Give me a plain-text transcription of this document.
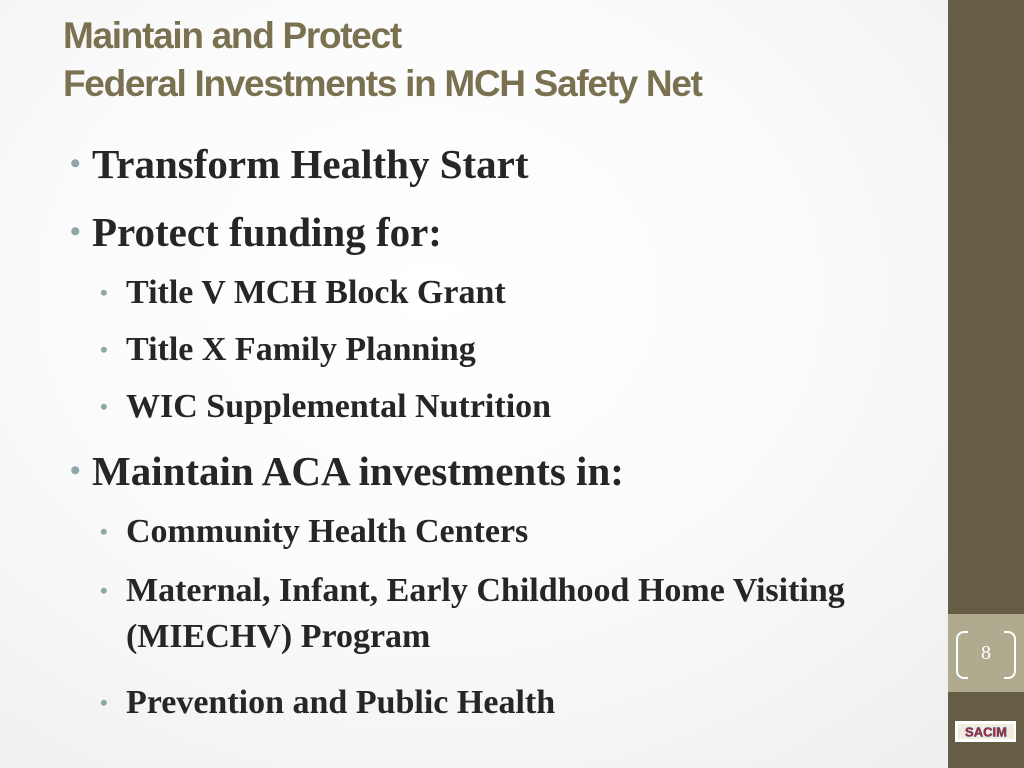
Maintain and Protect
Federal Investments in MCH Safety Net
• Transform Healthy Start
• Protect funding for:
• Title V MCH Block Grant
• Title X Family Planning
• WIC Supplemental Nutrition
• Maintain ACA investments in:
• Community Health Centers
• Maternal, Infant, Early Childhood Home Visiting (MIECHV) Program
• Prevention and Public Health
8
SACIM
